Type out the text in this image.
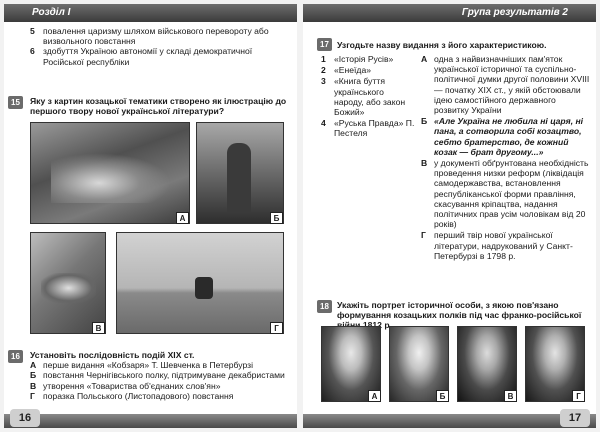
Розділ І
5 повалення царизму шляхом військового перевороту або визвольного повстання
6 здобуття Україною автономії у складі демократичної Російської республіки
15	Яку з картин козацької тематики створено як ілюстрацію до першого твору нової української літератури?
А	Б
В	Г
16	Установіть послідовність подій ХІХ ст.
А перше видання «Кобзаря» Т. Шевченка в Петербурзі
Б повстання Чернігівського полку, підтримуване декабристами
В утворення «Товариства об'єднаних слов'ян»
Г поразка Польського (Листопадового) повстання
16
Група результатів 2
17 Узгодьте назву видання з його характеристикою.
1 «Історія Русів»
2 «Енеїда»
3 «Книга буття українського народу, або закон Божий»
4 «Руська Правда» П. Пестеля
А одна з найвизначніших пам'яток української історичної та суспільно-політичної думки другої половини XVIII — початку ХІХ ст., у якій обстоювали ідею самостійного державного розвитку України
Б «Але Україна не любила ні царя, ні пана, а сотворила собі козацтво, себто братерство, де кожний козак — брат другому...»
В у документі обґрунтована необхідність проведення низки реформ (ліквідація самодержавства, встановлення республіканської форми правління, скасування кріпацтва, надання політичних прав усім чоловікам від 20 років)
Г перший твір нової української літератури, надрукований у Санкт-Петербурзі в 1798 р.
18 Укажіть портрет історичної особи, з якою пов'язано формування козацьких полків під час франко-російської
А	Б	В	Г
17
